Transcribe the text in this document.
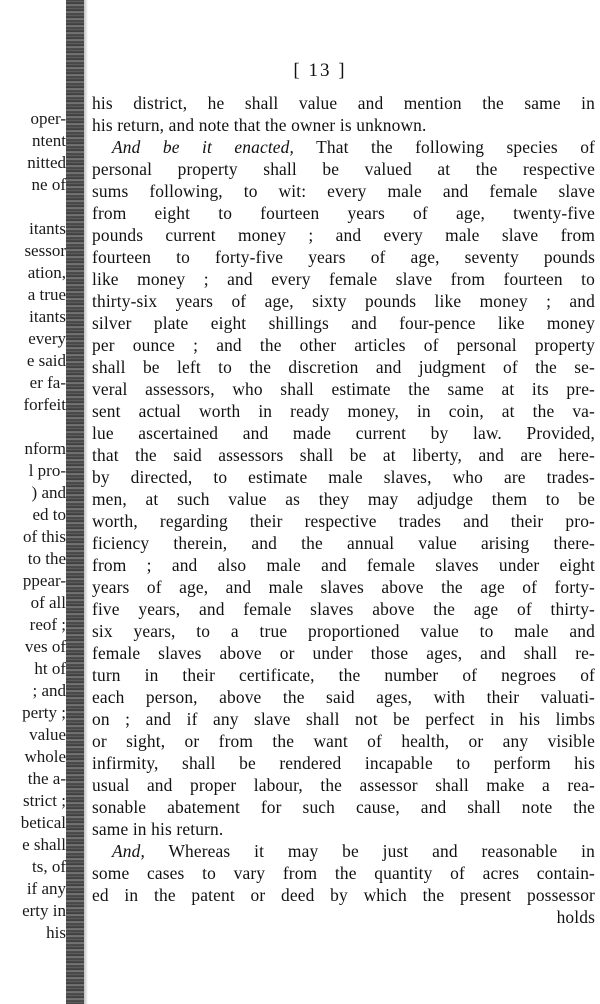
oper-
ntent
nitted
ne of
itants
sessor
ation,
a true
itants
every
e said
er fa-
forfeit
nform
l pro-
) and
ed to
of this
to the
ppear-
of all
reof ;
ves of
ht of
; and
perty ;
value
whole
the a-
strict ;
betical
e shall
ts, of
if any
erty in
his
[ 13 ]
his district, he shall value and mention the same in
his return, and note that the owner is unknown.
And be it enacted, That the following species of
personal property shall be valued at the respective
sums following, to wit: every male and female slave
from eight to fourteen years of age, twenty-five
pounds current money ; and every male slave from
fourteen to forty-five years of age, seventy pounds
like money ; and every female slave from fourteen to
thirty-six years of age, sixty pounds like money ; and
silver plate eight shillings and four-pence like money
per ounce ; and the other articles of personal property
shall be left to the discretion and judgment of the se-
veral assessors, who shall estimate the same at its pre-
sent actual worth in ready money, in coin, at the va-
lue ascertained and made current by law. Provided,
that the said assessors shall be at liberty, and are here-
by directed, to estimate male slaves, who are trades-
men, at such value as they may adjudge them to be
worth, regarding their respective trades and their pro-
ficiency therein, and the annual value arising there-
from ; and also male and female slaves under eight
years of age, and male slaves above the age of forty-
five years, and female slaves above the age of thirty-
six years, to a true proportioned value to male and
female slaves above or under those ages, and shall re-
turn in their certificate, the number of negroes of
each person, above the said ages, with their valuati-
on ; and if any slave shall not be perfect in his limbs
or sight, or from the want of health, or any visible
infirmity, shall be rendered incapable to perform his
usual and proper labour, the assessor shall make a rea-
sonable abatement for such cause, and shall note the
same in his return.
And, Whereas it may be just and reasonable in
some cases to vary from the quantity of acres contain-
ed in the patent or deed by which the present possessor
holds
